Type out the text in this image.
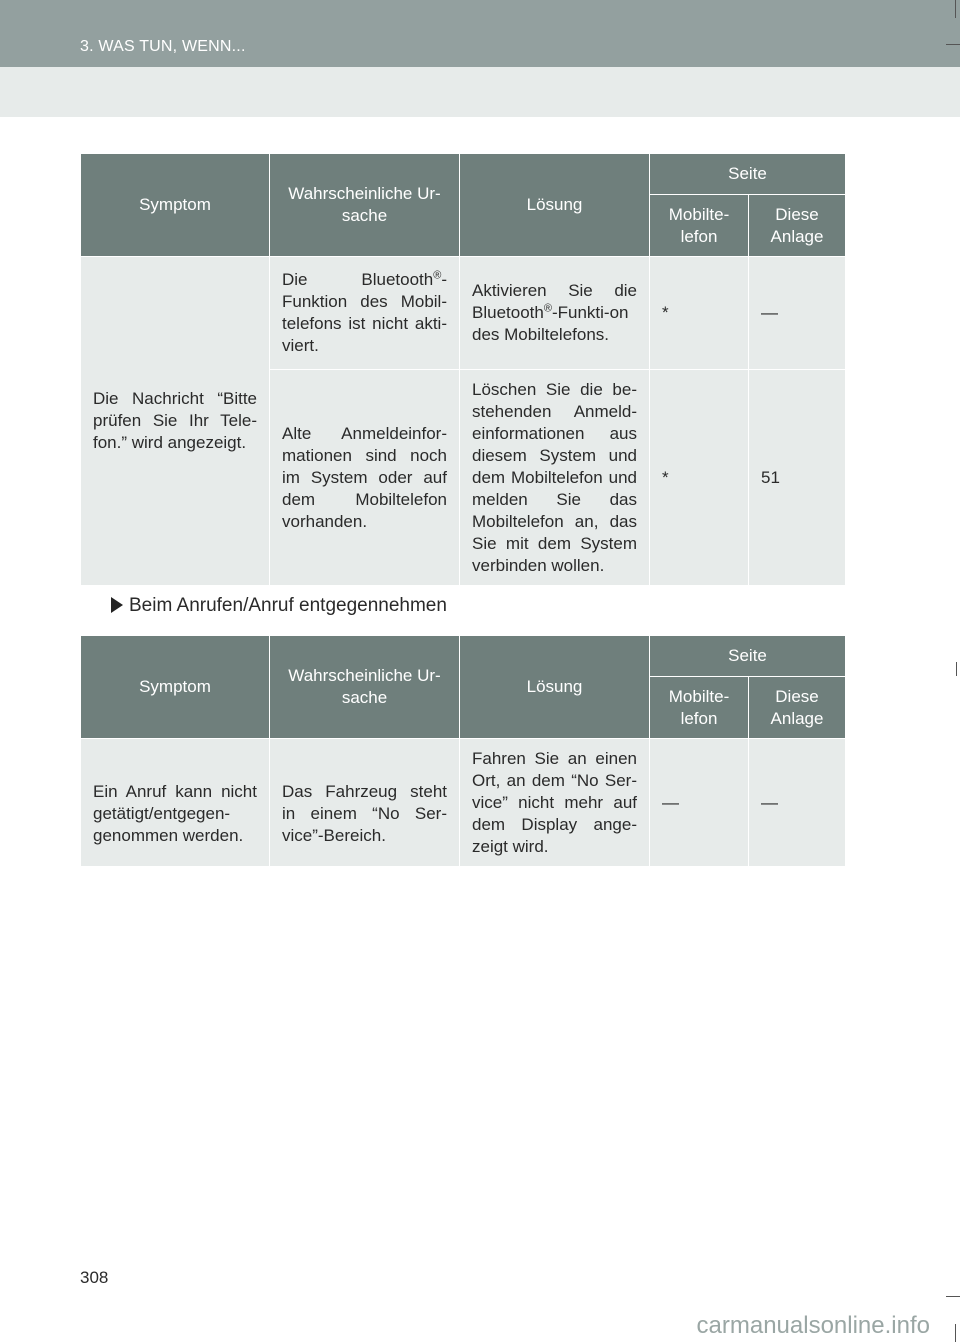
3. WAS TUN, WENN...
Symptom	Wahrscheinliche Ur-sache	Lösung	Seite	
			Mobilte-lefon	Diese Anlage
Die Nachricht “Bitte prüfen Sie Ihr Tele-fon.” wird angezeigt.	Die Bluetooth®-Funktion des Mobil-telefons ist nicht akti-viert.	Aktivieren Sie die Bluetooth®-Funkti-on des Mobiltelefons.	*	—
	Alte Anmeldeinfor-mationen sind noch im System oder auf dem Mobiltelefon vorhanden.	Löschen Sie die be-stehenden Anmeld-einformationen aus diesem System und dem Mobiltelefon und melden Sie das Mobiltelefon an, das Sie mit dem System verbinden wollen.	*	51
Beim Anrufen/Anruf entgegennehmen
Symptom	Wahrscheinliche Ur-sache	Lösung	Seite	
			Mobilte-lefon	Diese Anlage
Ein Anruf kann nicht getätigt/entgegen-genommen werden.	Das Fahrzeug steht in einem “No Ser-vice”-Bereich.	Fahren Sie an einen Ort, an dem “No Ser-vice” nicht mehr auf dem Display ange-zeigt wird.	—	—
308
carmanualsonline.info
